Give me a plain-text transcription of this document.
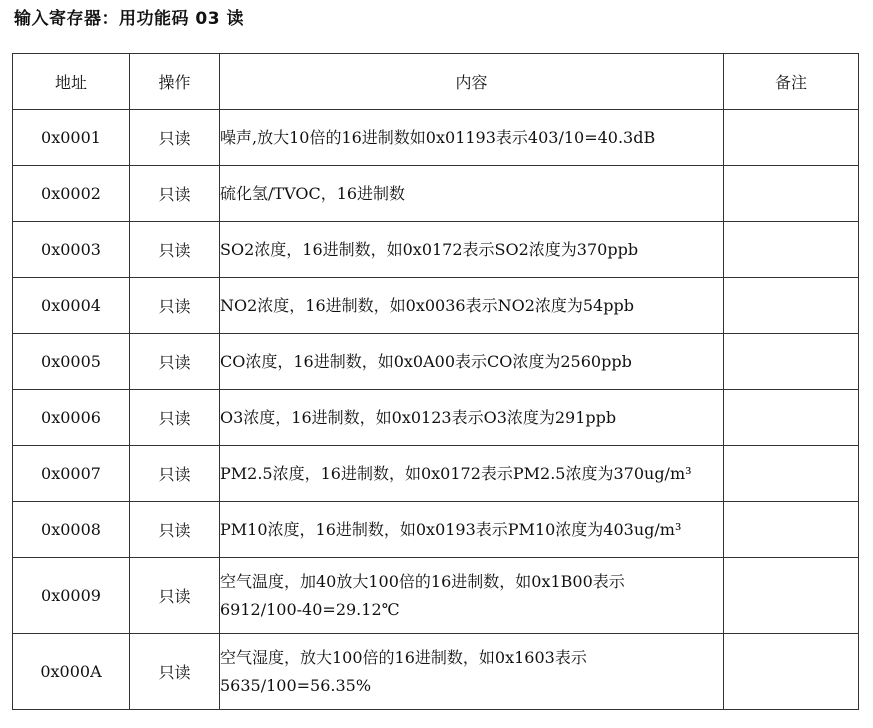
输入寄存器：用功能码 03 读
地址	操作	内容	备注
0x0001	只读	噪声,放大10倍的16进制数如0x01193表示403/10=40.3dB	

0x0002	只读	硫化氢/TVOC，16进制数	

0x0003	只读	SO2浓度，16进制数，如0x0172表示SO2浓度为370ppb	

0x0004	只读	NO2浓度，16进制数，如0x0036表示NO2浓度为54ppb	

0x0005	只读	CO浓度，16进制数，如0x0A00表示CO浓度为2560ppb	

0x0006	只读	O3浓度，16进制数，如0x0123表示O3浓度为291ppb	

0x0007	只读	PM2.5浓度，16进制数，如0x0172表示PM2.5浓度为370ug/m³	

0x0008	只读	PM10浓度，16进制数，如0x0193表示PM10浓度为403ug/m³	

0x0009	只读	空气温度，加40放大100倍的16进制数，如0x1B00表示
6912/100-40=29.12℃	

0x000A	只读	空气湿度，放大100倍的16进制数，如0x1603表示
5635/100=56.35%	
